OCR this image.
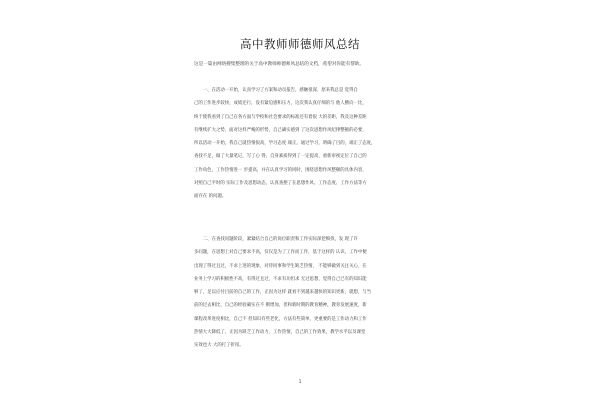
高中教师师德师风总结
这是一篇由网络搜集整理的关于高中教师师德师风总结的文档，希望对你能有帮助。
　　一、在活动一开始，认真学习了方案和动员报告，感触很深，原来我总是 觉得自
己的工作进步较快，成绩还行，没有紧迫感和压力，这次我认真仔细的与 他人横向一比，
终于使我看到了自己在各方面与学校和社会要求的标准还有着很 大的差距，我及这种差距
有继续扩大之势，面对这样严峻的形势，自己确实感到 了这次思想作风纪律整顿的必要，
所以活动一开始，我自己就热情很高，学习态度 端正，通过学习，明确了目的，端正了态度，
查找不足，做了大量笔记，写了心 得，自身素质得到了一定提高，重新审视定位了自己的
工作角色，工作热情进一 步提高，并在认真学习的同时，围绕思想作风整顿的具体内容，
对照自己平时的 实际工作及思想动态，认真查摆了在思想作风、工作态度、工作方法等方
面存在 的问题。
　　二、在查找问题阶段，紧紧结合自己的岗位职责和工作实际深挖细找，发 现了许
多问题，在思想上对自己要求不高，仅仅是为了工作而工作，基于这样的 认识，工作中便
出现了得过且过，不求上进的现象，对待同事和学生缺乏热情， 不能够做到关注关心，在
业务上学习的积极性不高，有得过且过，不求有功但求 无过思想，觉得自己已有的知识能
够了，足以应付目前的自己的工作，正因为这样 就看不到越来越快的知识更新，就想，与当
前的过去相比，自己的经验确实在不 断增加，但和新时期的教育精神，教育发展速度，新
课程改革进度相比，自己不 但知识有些老化，方法有些简单，更重要的是工作动力和工作
热情大大降低了，正因为缺乏工作动力，工作热情，自己的工作效果，教学水平以及课堂
实效也大 大的打了折扣。
1
